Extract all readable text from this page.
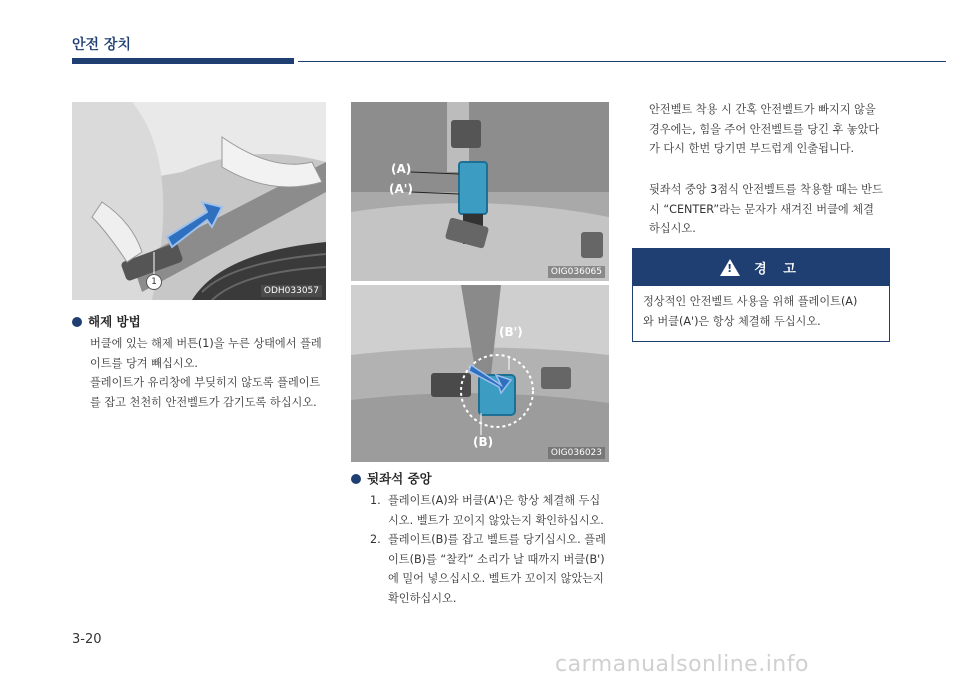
안전 장치
1
ODH033057
(A)
(A')
OIG036065
(B')
(B)
OIG036023
해제 방법

버클에 있는 해제 버튼(1)을 누른 상태에서 플레

이트를 당겨 빼십시오.

플레이트가 유리창에 부딪히지 않도록 플레이트

를 잡고 천천히 안전벨트가 감기도록 하십시오.

뒷좌석 중앙
1. 플레이트(A)와 버클(A')은 항상 체결해 두십
시오. 벨트가 꼬이지 않았는지 확인하십시오.
2. 플레이트(B)를 잡고 벨트를 당기십시오. 플레
이트(B)를 “찰칵” 소리가 날 때까지 버클(B')
에 밀어 넣으십시오. 벨트가 꼬이지 않았는지
확인하십시오.

안전벨트 착용 시 간혹 안전벨트가 빠지지 않을

경우에는, 힘을 주어 안전벨트를 당긴 후 놓았다

가 다시 한번 당기면 부드럽게 인출됩니다.

뒷좌석 중앙 3점식 안전벨트를 착용할 때는 반드

시 “CENTER”라는 문자가 새겨진 버클에 체결

하십시오.

! 경 고
정상적인 안전벨트 사용을 위해 플레이트(A)
와 버클(A')은 항상 체결해 두십시오.
3-20
carmanualsonline.info
